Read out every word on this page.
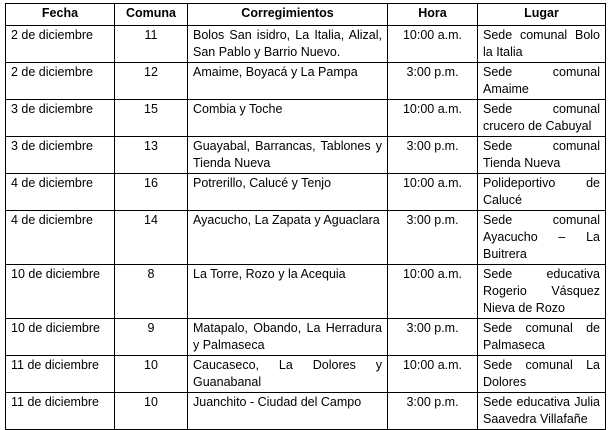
Fecha	Comuna	Corregimientos	Hora	Lugar
2 de diciembre	11	Bolos San isidro, La Italia, Alizal, San Pablo y Barrio Nuevo.	10:00 a.m.	Sede comunal Bolo la Italia
2 de diciembre	12	Amaime, Boyacá y La Pampa	3:00 p.m.	Sede comunal Amaime
3 de diciembre	15	Combia y Toche	10:00 a.m.	Sede comunal crucero de Cabuyal
3 de diciembre	13	Guayabal, Barrancas, Tablones y Tienda Nueva	3:00 p.m.	Sede comunal Tienda Nueva
4 de diciembre	16	Potrerillo, Calucé y Tenjo	10:00 a.m.	Polideportivo de Calucé
4 de diciembre	14	Ayacucho, La Zapata y Aguaclara	3:00 p.m.	Sede comunal Ayacucho – La Buitrera
10 de diciembre	8	La Torre, Rozo y la Acequia	10:00 a.m.	Sede educativa Rogerio Vásquez Nieva de Rozo
10 de diciembre	9	Matapalo, Obando, La Herradura y Palmaseca	3:00 p.m.	Sede comunal de Palmaseca
11 de diciembre	10	Caucaseco, La Dolores y Guanabanal	10:00 a.m.	Sede comunal La Dolores
11 de diciembre	10	Juanchito - Ciudad del Campo	3:00 p.m.	Sede educativa Julia Saavedra Villafañe
